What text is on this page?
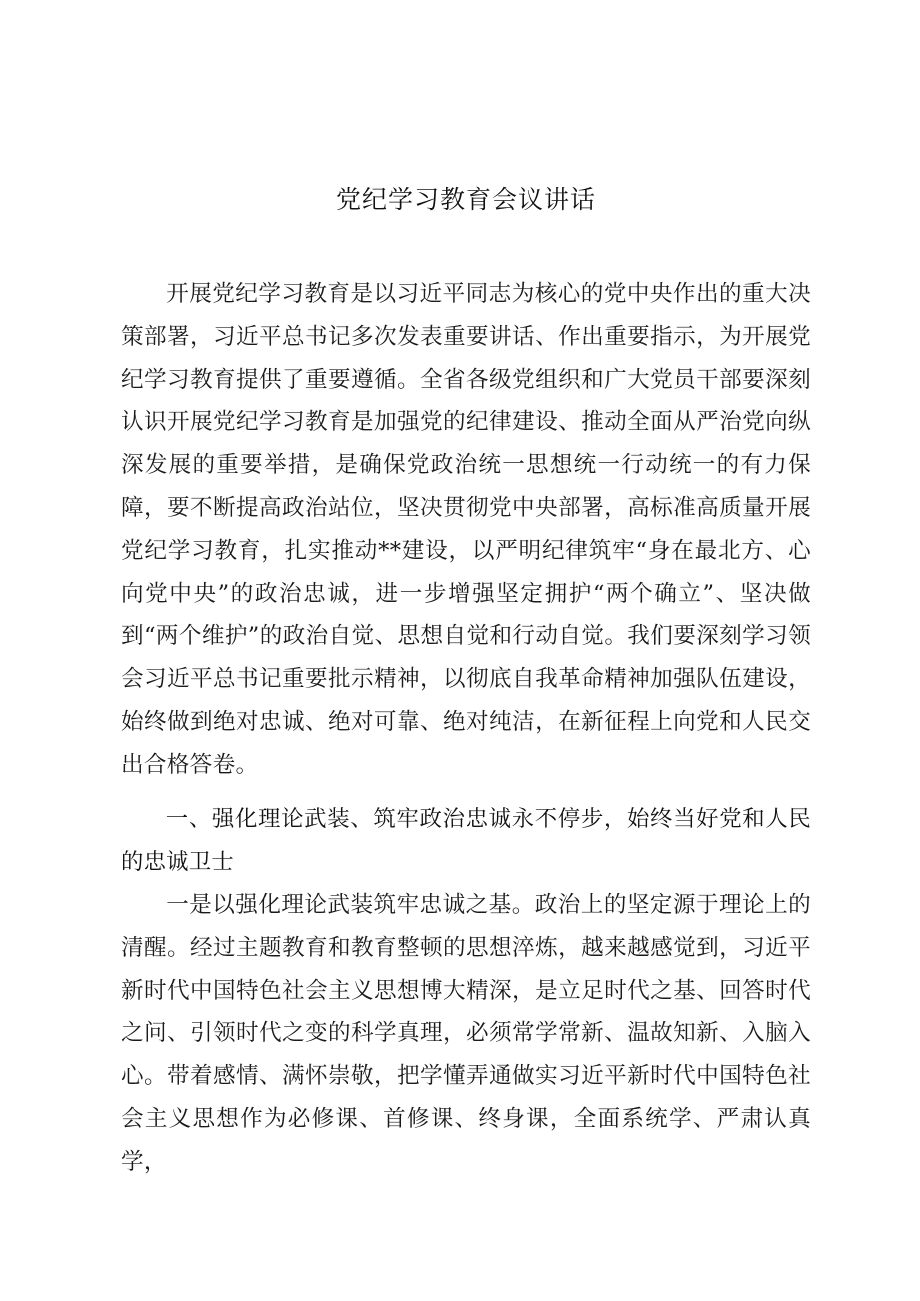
党纪学习教育会议讲话

开展党纪学习教育是以习近平同志为核心的党中央作出的重大决策部署，习近平总书记多次发表重要讲话、作出重要指示，为开展党纪学习教育提供了重要遵循。全省各级党组织和广大党员干部要深刻认识开展党纪学习教育是加强党的纪律建设、推动全面从严治党向纵深发展的重要举措，是确保党政治统一思想统一行动统一的有力保障，要不断提高政治站位，坚决贯彻党中央部署，高标准高质量开展党纪学习教育，扎实推动**建设，以严明纪律筑牢“身在最北方、心向党中央”的政治忠诚，进一步增强坚定拥护“两个确立”、坚决做到“两个维护”的政治自觉、思想自觉和行动自觉。我们要深刻学习领会习近平总书记重要批示精神，以彻底自我革命精神加强队伍建设，始终做到绝对忠诚、绝对可靠、绝对纯洁，在新征程上向党和人民交出合格答卷。

一、强化理论武装、筑牢政治忠诚永不停步，始终当好党和人民的忠诚卫士

一是以强化理论武装筑牢忠诚之基。政治上的坚定源于理论上的清醒。经过主题教育和教育整顿的思想淬炼，越来越感觉到，习近平新时代中国特色社会主义思想博大精深，是立足时代之基、回答时代之问、引领时代之变的科学真理，必须常学常新、温故知新、入脑入心。带着感情、满怀崇敬，把学懂弄通做实习近平新时代中国特色社会主义思想作为必修课、首修课、终身课，全面系统学、严肃认真学，
